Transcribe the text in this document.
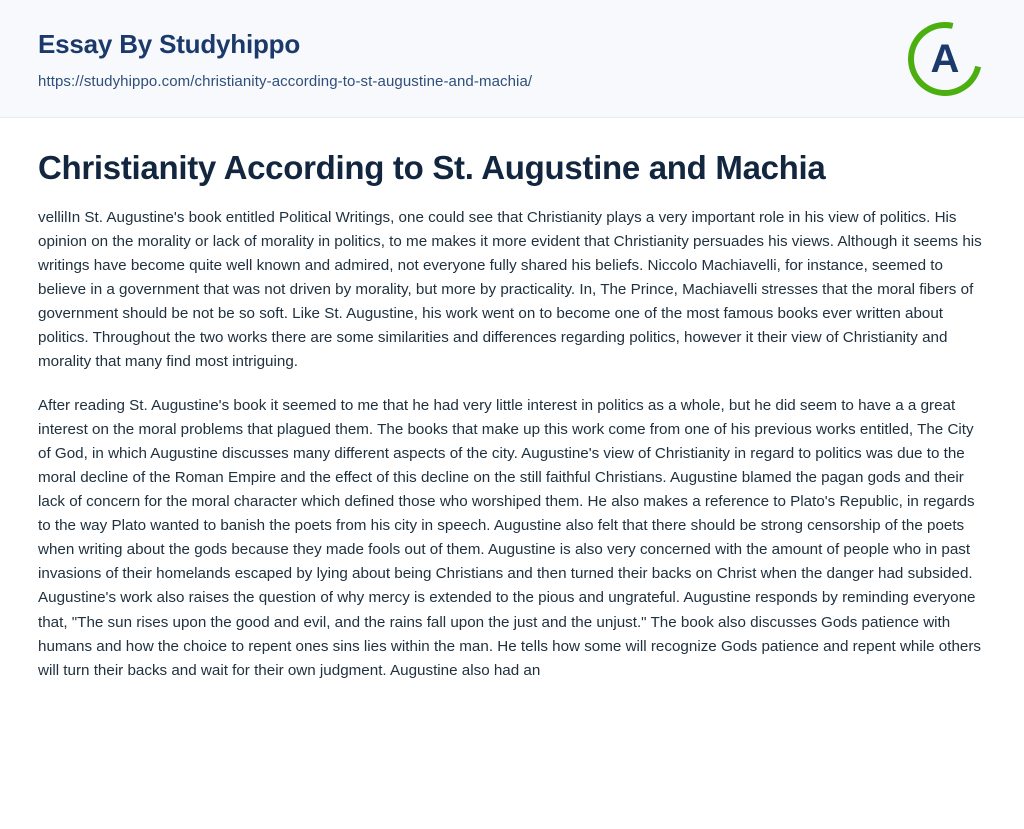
Essay By Studyhippo
https://studyhippo.com/christianity-according-to-st-augustine-and-machia/
A
Christianity According to St. Augustine and Machia

vellilIn St. Augustine's book entitled Political Writings, one could see that Christianity plays a very important role in his view of politics. His opinion on the morality or lack of morality in politics, to me makes it more evident that Christianity persuades his views. Although it seems his writings have become quite well known and admired, not everyone fully shared his beliefs. Niccolo Machiavelli, for instance, seemed to believe in a government that was not driven by morality, but more by practicality. In, The Prince, Machiavelli stresses that the moral fibers of government should be not be so soft. Like St. Augustine, his work went on to become one of the most famous books ever written about politics. Throughout the two works there are some similarities and differences regarding politics, however it their view of Christianity and morality that many find most intriguing.

After reading St. Augustine's book it seemed to me that he had very little interest in politics as a whole, but he did seem to have a a great interest on the moral problems that plagued them. The books that make up this work come from one of his previous works entitled, The City of God, in which Augustine discusses many different aspects of the city. Augustine's view of Christianity in regard to politics was due to the moral decline of the Roman Empire and the effect of this decline on the still faithful Christians. Augustine blamed the pagan gods and their lack of concern for the moral character which defined those who worshiped them. He also makes a reference to Plato's Republic, in regards to the way Plato wanted to banish the poets from his city in speech. Augustine also felt that there should be strong censorship of the poets when writing about the gods because they made fools out of them. Augustine is also very concerned with the amount of people who in past invasions of their homelands escaped by lying about being Christians and then turned their backs on Christ when the danger had subsided. Augustine's work also raises the question of why mercy is extended to the pious and ungrateful. Augustine responds by reminding everyone that, "The sun rises upon the good and evil, and the rains fall upon the just and the unjust." The book also discusses Gods patience with humans and how the choice to repent ones sins lies within the man. He tells how some will recognize Gods patience and repent while others will turn their backs and wait for their own judgment. Augustine also had an
